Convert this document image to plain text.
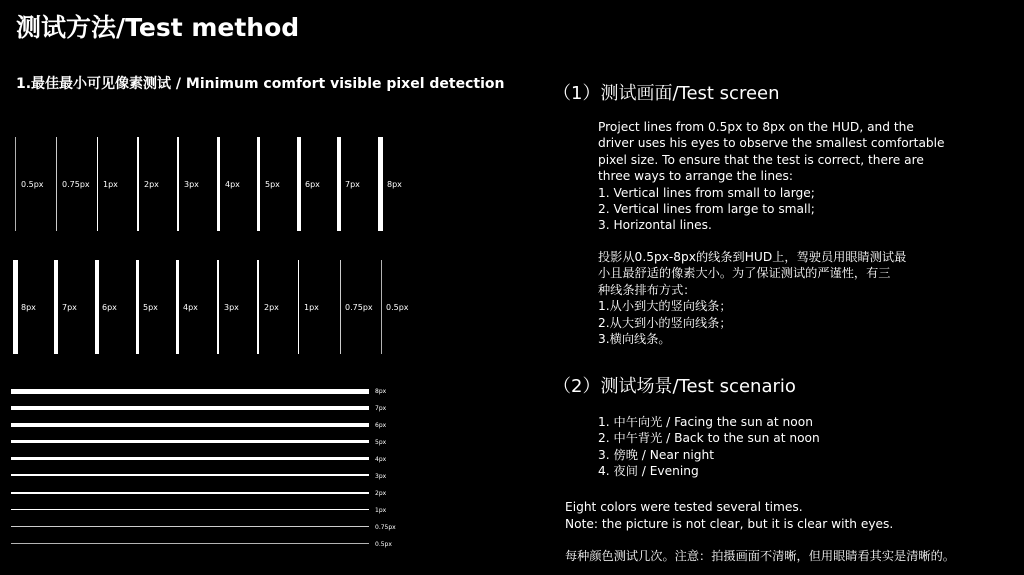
测试方法/Test method
1.最佳最小可见像素测试 / Minimum comfort visible pixel detection
0.5px 0.75px 1px	2px	3px	4px	5px	6px	7px	8px
8px	7px	6px	5px	4px	3px	2px	1px	0.75px 0.5px
8px
7px
6px
5px
4px
3px
2px
1px
0.75px
0.5px
（1）测试画面/Test screen
Project lines from 0.5px to 8px on the HUD, and the
driver uses his eyes to observe the smallest comfortable
pixel size. To ensure that the test is correct, there are
three ways to arrange the lines:
1. Vertical lines from small to large;
2. Vertical lines from large to small;
3. Horizontal lines.
投影从0.5px-8px的线条到HUD上，驾驶员用眼睛测试最
小且最舒适的像素大小。为了保证测试的严谨性，有三
种线条排布方式：
1.从小到大的竖向线条；
2.从大到小的竖向线条；
3.横向线条。
（2）测试场景/Test scenario
1. 中午向光 / Facing the sun at noon
2. 中午背光 / Back to the sun at noon
3. 傍晚 / Near night
4. 夜间 / Evening
Eight colors were tested several times.
Note: the picture is not clear, but it is clear with eyes.
每种颜色测试几次。注意：拍摄画面不清晰，但用眼睛看其实是清晰的。
